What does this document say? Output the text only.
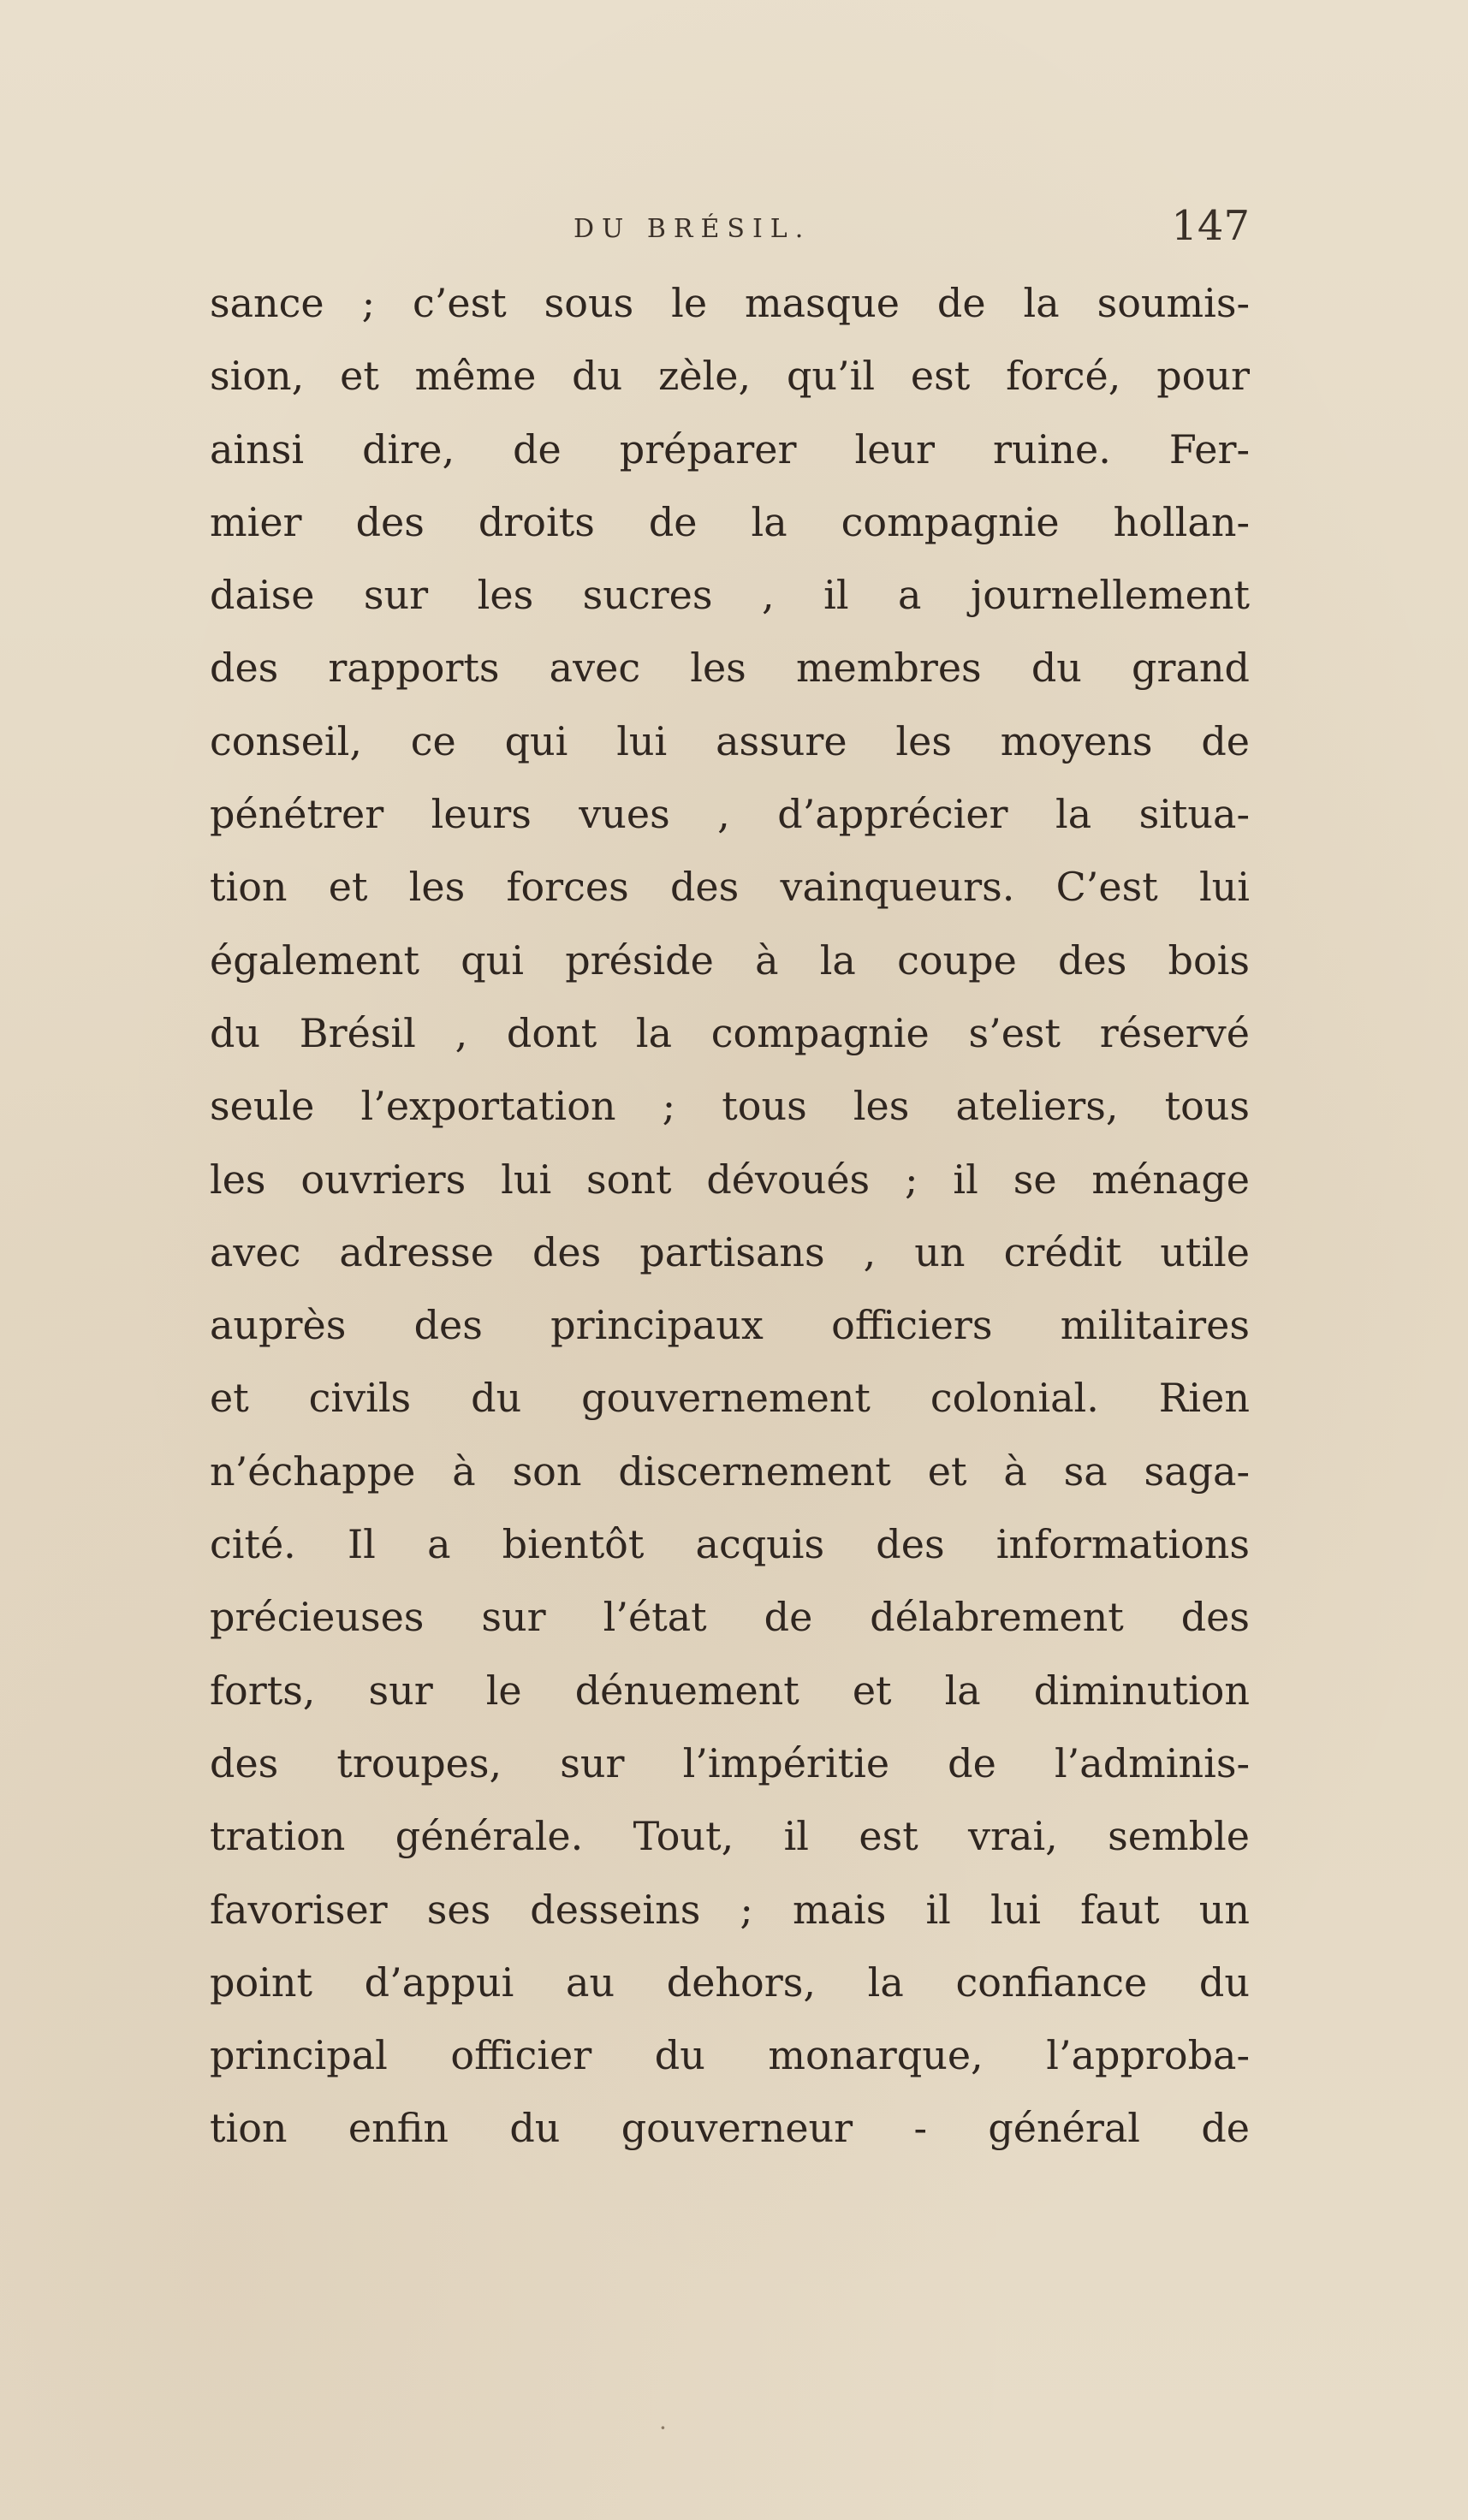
DU BRÉSIL.	147
sance ; c’est sous le masque de la soumis-
sion, et même du zèle, qu’il est forcé, pour
ainsi dire, de préparer leur ruine. Fer-
mier des droits de la compagnie hollan-
daise sur les sucres , il a journellement
des rapports avec les membres du grand
conseil, ce qui lui assure les moyens de
pénétrer leurs vues , d’apprécier la situa-
tion et les forces des vainqueurs. C’est lui
également qui préside à la coupe des bois
du Brésil , dont la compagnie s’est réservé
seule l’exportation ; tous les ateliers, tous
les ouvriers lui sont dévoués ; il se ménage
avec adresse des partisans , un crédit utile
auprès des principaux officiers militaires
et civils du gouvernement colonial. Rien
n’échappe à son discernement et à sa saga-
cité. Il a bientôt acquis des informations
précieuses sur l’état de délabrement des
forts, sur le dénuement et la diminution
des troupes, sur l’impéritie de l’adminis-
tration générale. Tout, il est vrai, semble
favoriser ses desseins ; mais il lui faut un
point d’appui au dehors, la confiance du
principal officier du monarque, l’approba-
tion enfin du gouverneur - général de
·
